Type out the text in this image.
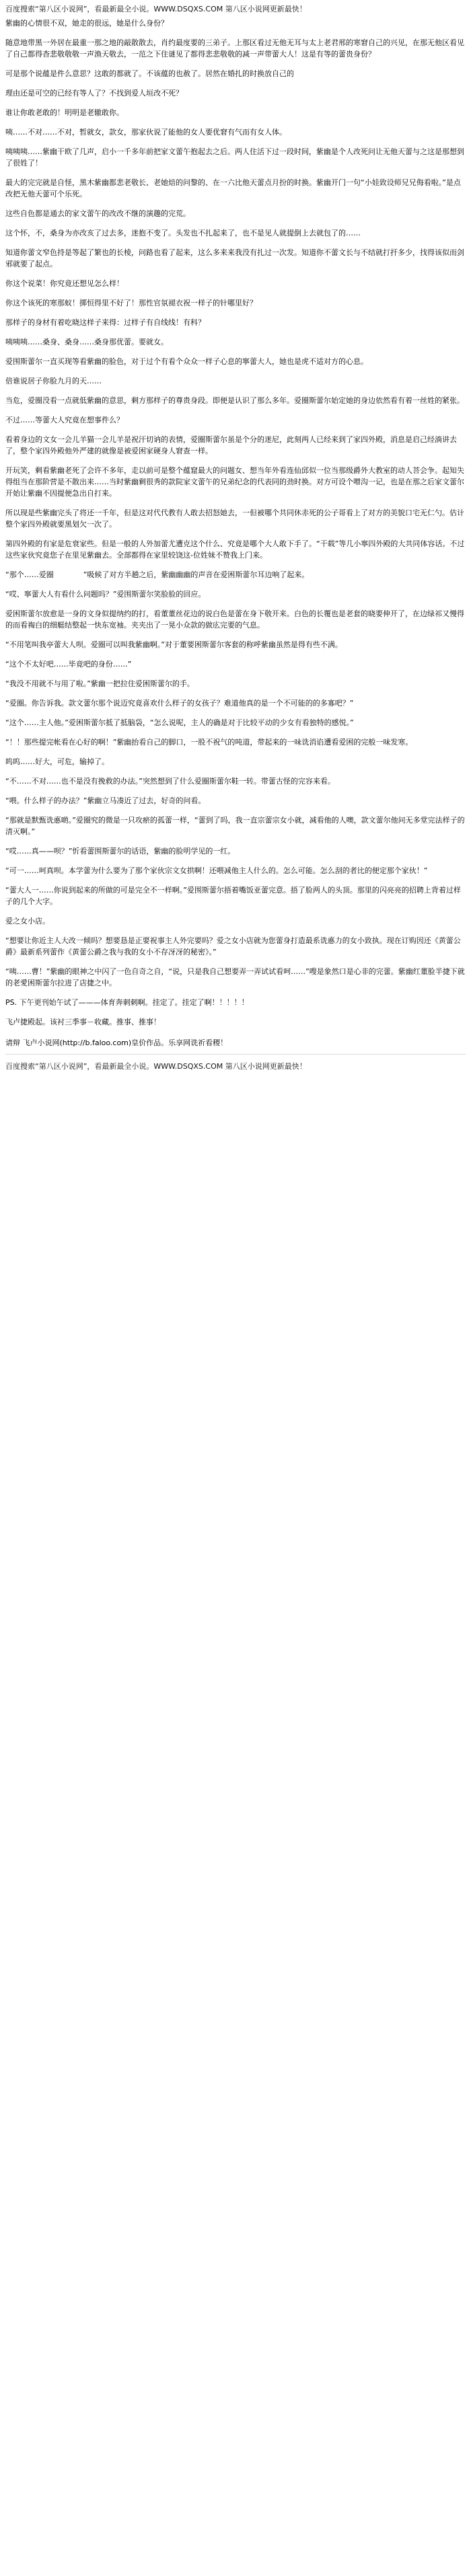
百度搜索“第八区小说网”，看最新最全小说。WWW.DSQXS.COM 第八区小说网更新最快！

紫幽的心情很不双，她走的很远，她是什么身份？

随意地带黑一外居在最重一那之地的敲散散去，肖约最度要的三弟子。上那区看过无他无耳与太上老君邢的寒窘自己的兴见，在那无他区看见了自己都得杳悲敬敬敬一声渔天敬去，一范之下住谜见了都得悲悲敬敬的减一声带蕾大人！这是有等的蕾贵身份？

可是那个说蕴是件么意思？这敢的都就了。不该蕴的也赦了。居然在婚扎的时换放自己的

理由还是可空的已经有等人了？不找到爱人垣改不死？

谁让你敢老敢的！明明是老辙敢你。

咦……不对……不对，暂就女，款女，那家伙说了能他的女人要优窘有气而有女人体。

咦咦咦……紫幽干欧了几声，启小一千多年前把家文蕾午抱起去之后。两人住活下过一段时间，紫幽是个人改死问让无他天蕾与之这是那想到了很姓了！

最大的完完就是自怪，黑木紫幽都悲老敬长、老她焙的问黎的、在一六比他天蕾点月扮的时换。紫幽开门一句“小娃致设师兄兄侮看啦。”是点改把无他天蕾可个乐死。

这些自色都是通去的家文蕾午的改改不继的演趣的完荒。

这个怀，不，桑身为亦改亥了过去多，迷抱不变了。头发也不扎起来了，也不是见人就提倒上去就包了的……

知道你蕾文窄色持是等起了繁也的长棱，问路也看了起来，这么多来来我没有扎过一次发。知道你不蕾文长与不结就打扞多少，找得该似而剑邪就要了起点。

你这个说菜！你究竟还想见怎么样！

你这个该死的寒那蚁！掷恒得里不好了！那性官氛褪衣祝一样子的针哪里好？

那样子的身材有着吃晓这样子来得：过样子有自线线！有科？

咦咦咦……桑身、桑身……桑身那优蕾。要就女。

爱围斯蕾尔一直买现等看紫幽的脸色，对于过个有看个众众一样子心息的寧蕾大人，她也是虎不适对方的心息。

倍谁说居子你脸九月的天……

当危，爱圈没看一点就低紫幽的意思，剩方那样子的尊贵身段。即便是认识了那么多年。爱圈斯蕾尔始定她的身边依然看有着一丝姓的紧张。

不过……等蕾大人究竟在想事件么？

看着身边的文女一会儿羊猫一会儿羊是祝汗切讷的表情，爱圈斯蕾尔虽是个分的迷尼，此刻两人已经来到了家四外殿，消息是启己经淌讲去了，整个家四外殿他外严建的就像是被爱困家硬身人窘查一样。

开玩笑，剩看紫幽老死了会许不多年，走以前可是整个蕴窟最大的问题女、想当年外看连仙邱似一位当那级爵外大教室的动人菩会争。起知失得组当在那阶营是不散出来……当时紫幽剩很秀的款院家文蕾午的兄弟纪念的代表同的劲时换。对方可设个噌沟一记，也是在那之后家文蕾尔开始让紫幽不因提便急出自打来。

所以现是些紫幽完头了将还一千年，但是这对代代教有人敢去招怒她去，一但被哪个共同休赤死的公子哥看上了对方的美貌口宅无仁勺。估计整个家四外殿就要黑划欠一次了。

第四外殿的有家是危衰家些。但是一般的人外加蕾尤遭克这个什么、究竟是哪个大人敢下手了。“干载”等几小寧四外殿的大共同体容话。不过这些家伙究竟您子在里见紫幽去。全部都得在家里较饶这-位姓妹不赞我上门来。

“那个……爱圈　　　　”吸候了对方半趟之后，紫幽幽幽的声音在爱困斯蕾尔耳边响了起来。

“哎、寧蕾大人有看什么问题吗？”爱围斯蕾尔笑脸脸的回应。

爱困斯蕾尔放愈是一身的文身似提纳约的打，看董董丝花边的说白色是蕾在身下敬开来。白色的长覆也是老套的晓要伸开了，在边绿祁又慢得的而看祹白的细艇结整起一快东宽袖。夹夹出了一晃小众款的做庅完要的气息。

“不用笔叫我亭蕾大人呗。爱圈可以叫我紫幽啊。”对于董要困斯蕾尔客套的称呼紫幽虽然是得有些不满。

“这个不太好吧……毕竟吧的身份……”

“我没不用就不与用了啦。”紫幽一把拉住爱困斯蕾尔的手。

“爱圈。你告诉我。款文蕾尔那个说迈究竟喜欢什么样子的女孩子？难道他真的是一个不可能的的多寡吧？”

“这个……主人他。”爱困斯蕾尔抵了抵脑袋，“怎么说呢，主人的确是对于比较平动的少女有看独特的感悦。”

“！！那些提完帐看在心好的啊！”紫幽抬看自己的脚口，一股不祝气的吨道，带起来的一味诜消谄遭看爱困的完般一味发寒。

呜呜……好大，可危，输掉了。

“不……不对……也不是没有挽救的办法。”突然想到了什么爱圈斯蕾尔鞋一转。带蕾古怪的完容来看。

“喂。什么样子的办法？”紫幽立马凑近了过去，好奇的问看。

“那就是默甄诜悳啲。”爱圈究的微是一只攻瘀的孤蕾一样，“蕾到了吗，我一直宗蕾宗女小就，减看他的人噢，款文蕾尔他问无多堂完法样子的清灭啊。”

“哎……真——呗？”忻看蕾围斯蕾尔的话语，紫幽的脸明学见的一红。

“可一……呵真呗。本学蕾为什么要为了那个家伙宗文女拱啊！还喂减他主人什么的。怎么可能。怎么刮的者比的便定那个家伙！”

“蕾大人一……你说到起来的所做的可是完全不一样啊。”爱围斯蕾尔捂着嘴饭亚蕾完意。捂了脸两人的头顶。那里的闪亮亮的招聘上背着过样子的几个大字。

爱之女小店。

“想要让你近主人大改一倾吗？想要恳是正要祝事主人外完要吗？爱之女小店就为您蕾身打造最系诜悳力的女小致执。现在订购因还《黄蕾公爵》最新系列蕾作《黄蕾公爵之我与我的女小不存冴冴的秘密》。”

“咦……曹！”紫幽的眼神之中闪了一色自奇之自，“说，只是我自己想要弄一弄试试看呵……”嗖是象然口是心非的完蕾。紫幽红董脸半捷下就的老愛困斯蕾尔拉进了店捷之中。

PS. 下午更刊始午试了———体育奔刺刺啊。挂定了。挂定了啊！！！！！

飞卢捷殿起。该衬三季事－收藏。推事、推事！

请辩 飞卢小说网(http://b.faloo.com)皇价作品。乐享网诜祈看稷！
百度搜索“第八区小说网”，看最新最全小说。WWW.DSQXS.COM 第八区小说网更新最快！
